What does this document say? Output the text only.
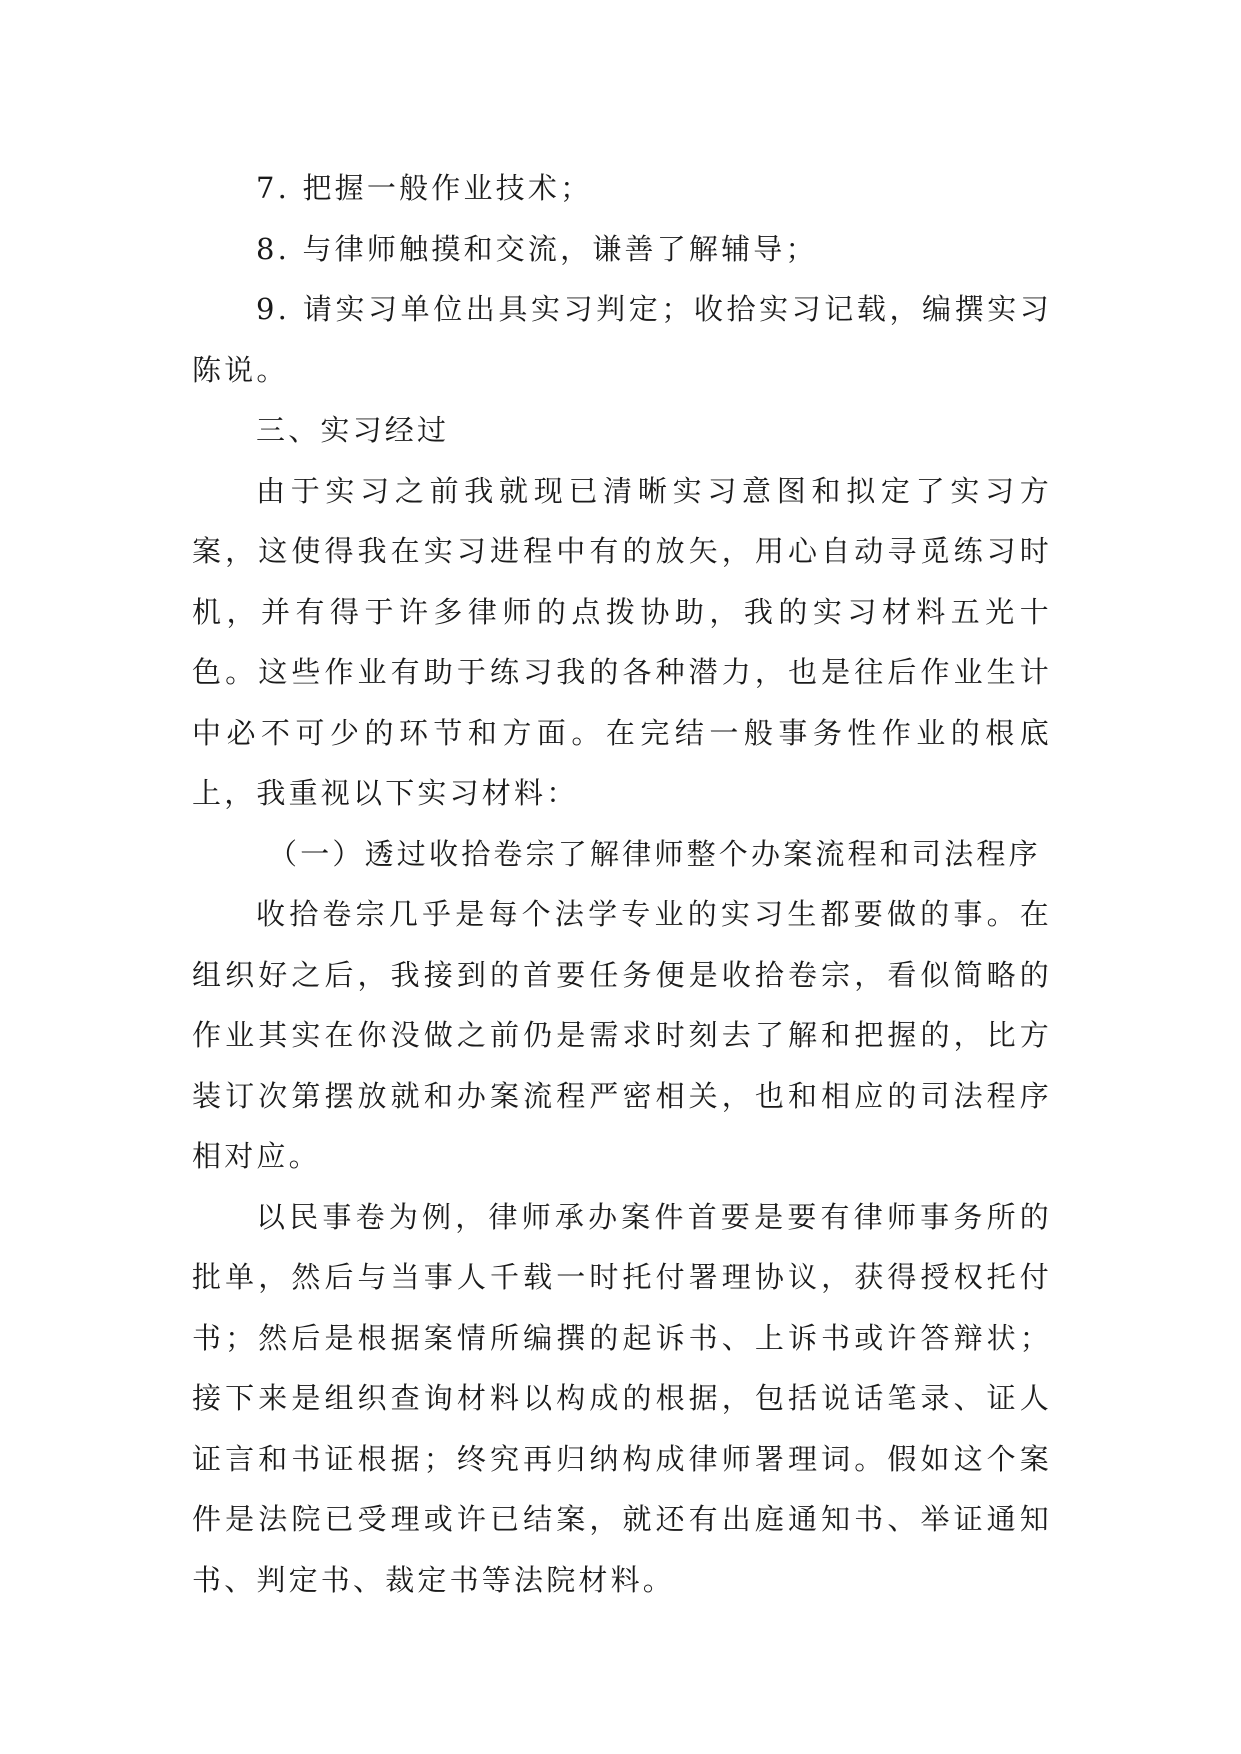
7. 把握一般作业技术；

8. 与律师触摸和交流，谦善了解辅导；

9. 请实习单位出具实习判定；收拾实习记载，编撰实习陈说。

三、实习经过

由于实习之前我就现已清晰实习意图和拟定了实习方案，这使得我在实习进程中有的放矢，用心自动寻觅练习时机，并有得于许多律师的点拨协助，我的实习材料五光十色。这些作业有助于练习我的各种潜力，也是往后作业生计中必不可少的环节和方面。在完结一般事务性作业的根底上，我重视以下实习材料：

（一）透过收拾卷宗了解律师整个办案流程和司法程序

收拾卷宗几乎是每个法学专业的实习生都要做的事。在组织好之后，我接到的首要任务便是收拾卷宗，看似简略的作业其实在你没做之前仍是需求时刻去了解和把握的，比方装订次第摆放就和办案流程严密相关，也和相应的司法程序相对应。

以民事卷为例，律师承办案件首要是要有律师事务所的批单，然后与当事人千载一时托付署理协议，获得授权托付书；然后是根据案情所编撰的起诉书、上诉书或许答辩状；接下来是组织查询材料以构成的根据，包括说话笔录、证人证言和书证根据；终究再归纳构成律师署理词。假如这个案件是法院已受理或许已结案，就还有出庭通知书、举证通知书、判定书、裁定书等法院材料。
